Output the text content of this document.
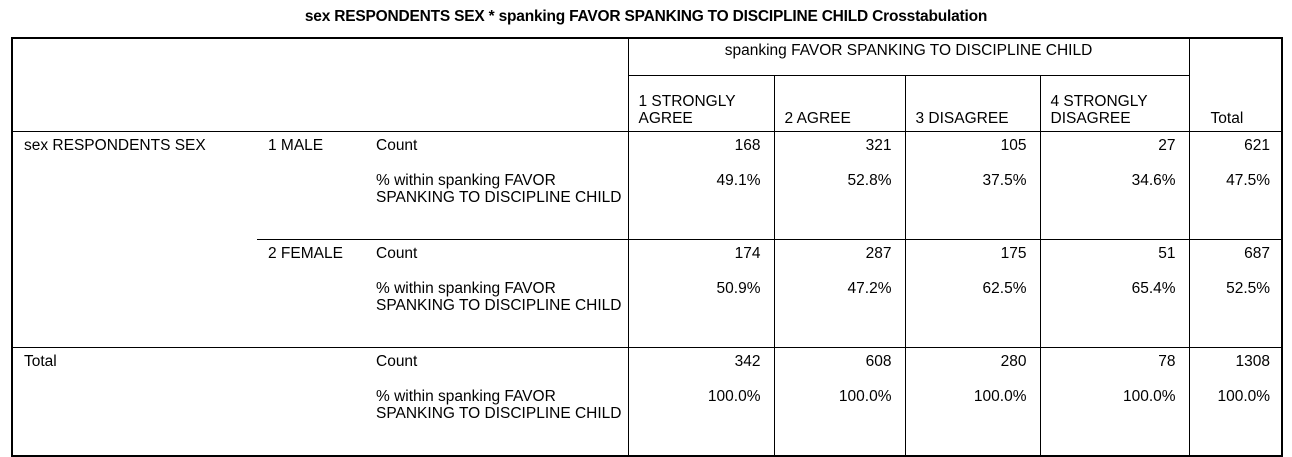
sex RESPONDENTS SEX * spanking FAVOR SPANKING TO DISCIPLINE CHILD Crosstabulation
			spanking FAVOR SPANKING TO DISCIPLINE CHILD				
			1 STRONGLY AGREE	2 AGREE	3 DISAGREE	4 STRONGLY DISAGREE	Total
sex RESPONDENTS SEX	1 MALE	Count	168	321	105	27	621
		% within spanking FAVOR SPANKING TO DISCIPLINE CHILD	49.1%	52.8%	37.5%	34.6%	47.5%
	2 FEMALE	Count	174	287	175	51	687
		% within spanking FAVOR SPANKING TO DISCIPLINE CHILD	50.9%	47.2%	62.5%	65.4%	52.5%
Total		Count	342	608	280	78	1308
		% within spanking FAVOR SPANKING TO DISCIPLINE CHILD	100.0%	100.0%	100.0%	100.0%	100.0%
